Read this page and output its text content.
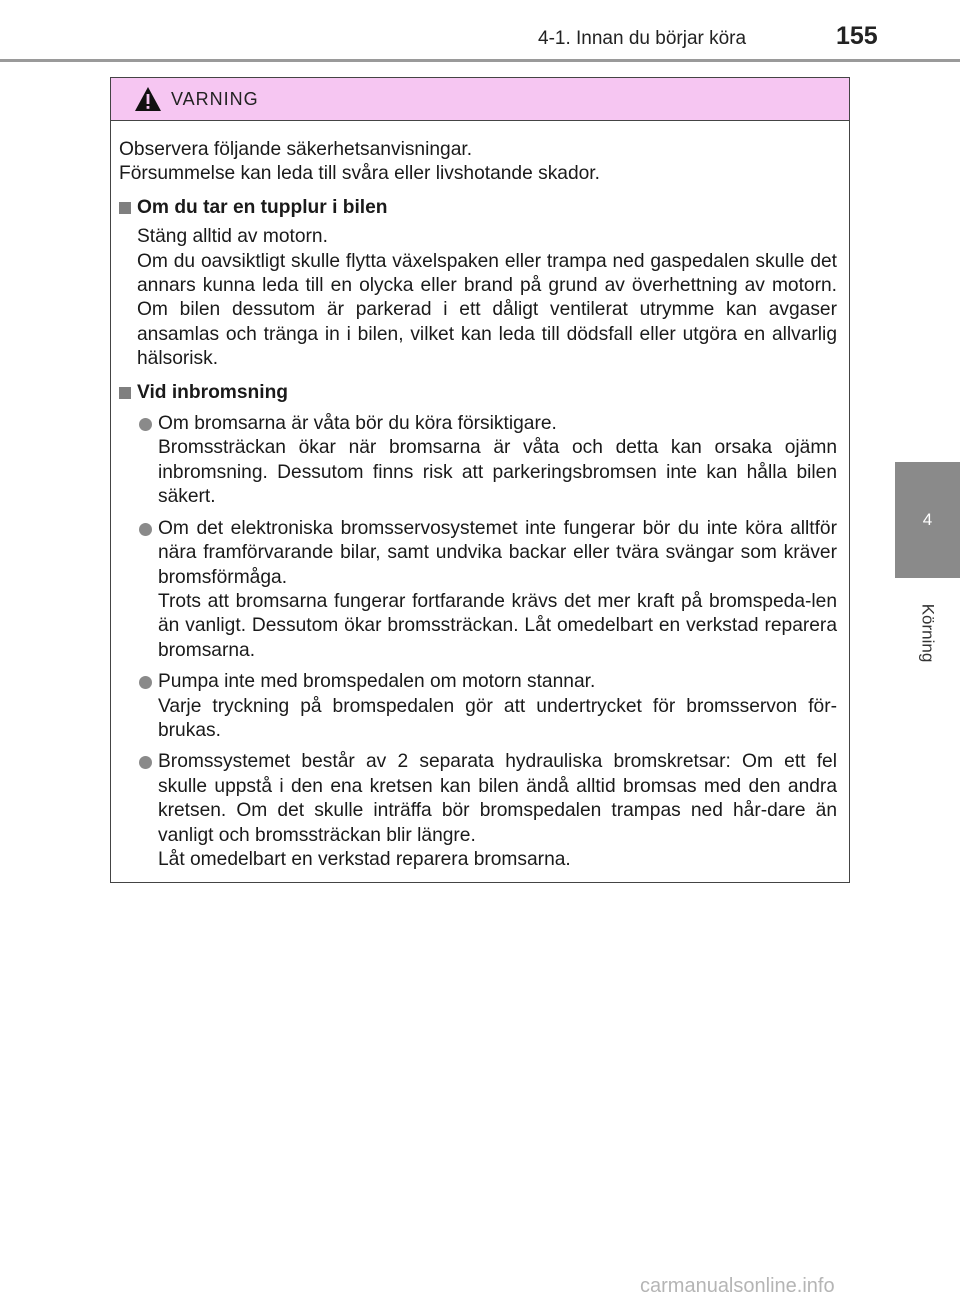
4-1. Innan du börjar köra	155
4
Körning
VARNING
Observera följande säkerhetsanvisningar.
Försummelse kan leda till svåra eller livshotande skador.
Om du tar en tupplur i bilen
Stäng alltid av motorn.
Om du oavsiktligt skulle flytta växelspaken eller trampa ned gaspedalen skulle det annars kunna leda till en olycka eller brand på grund av överhettning av motorn. Om bilen dessutom är parkerad i ett dåligt ventilerat utrymme kan avgaser ansamlas och tränga in i bilen, vilket kan leda till dödsfall eller utgöra en allvarlig hälsorisk.
Vid inbromsning
Om bromsarna är våta bör du köra försiktigare.
Bromssträckan ökar när bromsarna är våta och detta kan orsaka ojämn inbromsning. Dessutom finns risk att parkeringsbromsen inte kan hålla bilen säkert.
Om det elektroniska bromsservosystemet inte fungerar bör du inte köra alltför nära framförvarande bilar, samt undvika backar eller tvära svängar som kräver bromsförmåga.
Trots att bromsarna fungerar fortfarande krävs det mer kraft på bromspeda-len än vanligt. Dessutom ökar bromssträckan. Låt omedelbart en verkstad reparera bromsarna.
Pumpa inte med bromspedalen om motorn stannar.
Varje tryckning på bromspedalen gör att undertrycket för bromsservon för-brukas.
Bromssystemet består av 2 separata hydrauliska bromskretsar: Om ett fel skulle uppstå i den ena kretsen kan bilen ändå alltid bromsas med den andra kretsen. Om det skulle inträffa bör bromspedalen trampas ned hår-dare än vanligt och bromssträckan blir längre.
Låt omedelbart en verkstad reparera bromsarna.
carmanualsonline.info
